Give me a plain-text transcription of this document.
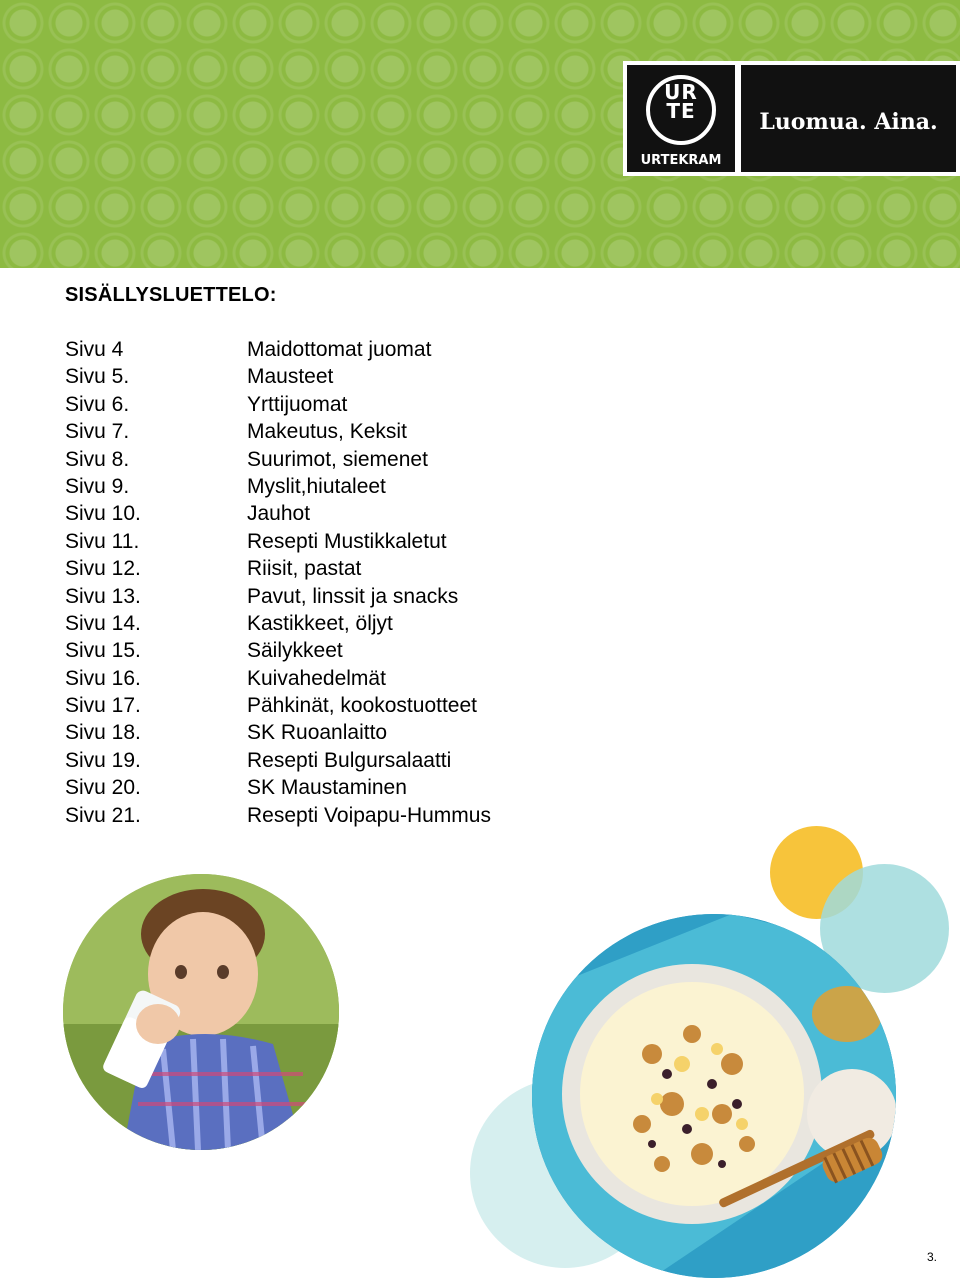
UR TE
URTEKRAM
Luomua. Aina.
SISÄLLYSLUETTELO:
Sivu 4	Maidottomat juomat
Sivu 5.	Mausteet
Sivu 6.	Yrttijuomat
Sivu 7.	Makeutus, Keksit
Sivu 8.	Suurimot, siemenet
Sivu 9.	Myslit,hiutaleet
Sivu 10.	Jauhot
Sivu 11.	Resepti Mustikkaletut
Sivu 12.	Riisit, pastat
Sivu 13.	Pavut, linssit ja snacks
Sivu 14.	Kastikkeet, öljyt
Sivu 15.	Säilykkeet
Sivu 16.	Kuivahedelmät
Sivu 17.	Pähkinät, kookostuotteet
Sivu 18.	SK Ruoanlaitto
Sivu 19.	Resepti Bulgursalaatti
Sivu 20.	SK Maustaminen
Sivu 21.	Resepti Voipapu-Hummus
3.
